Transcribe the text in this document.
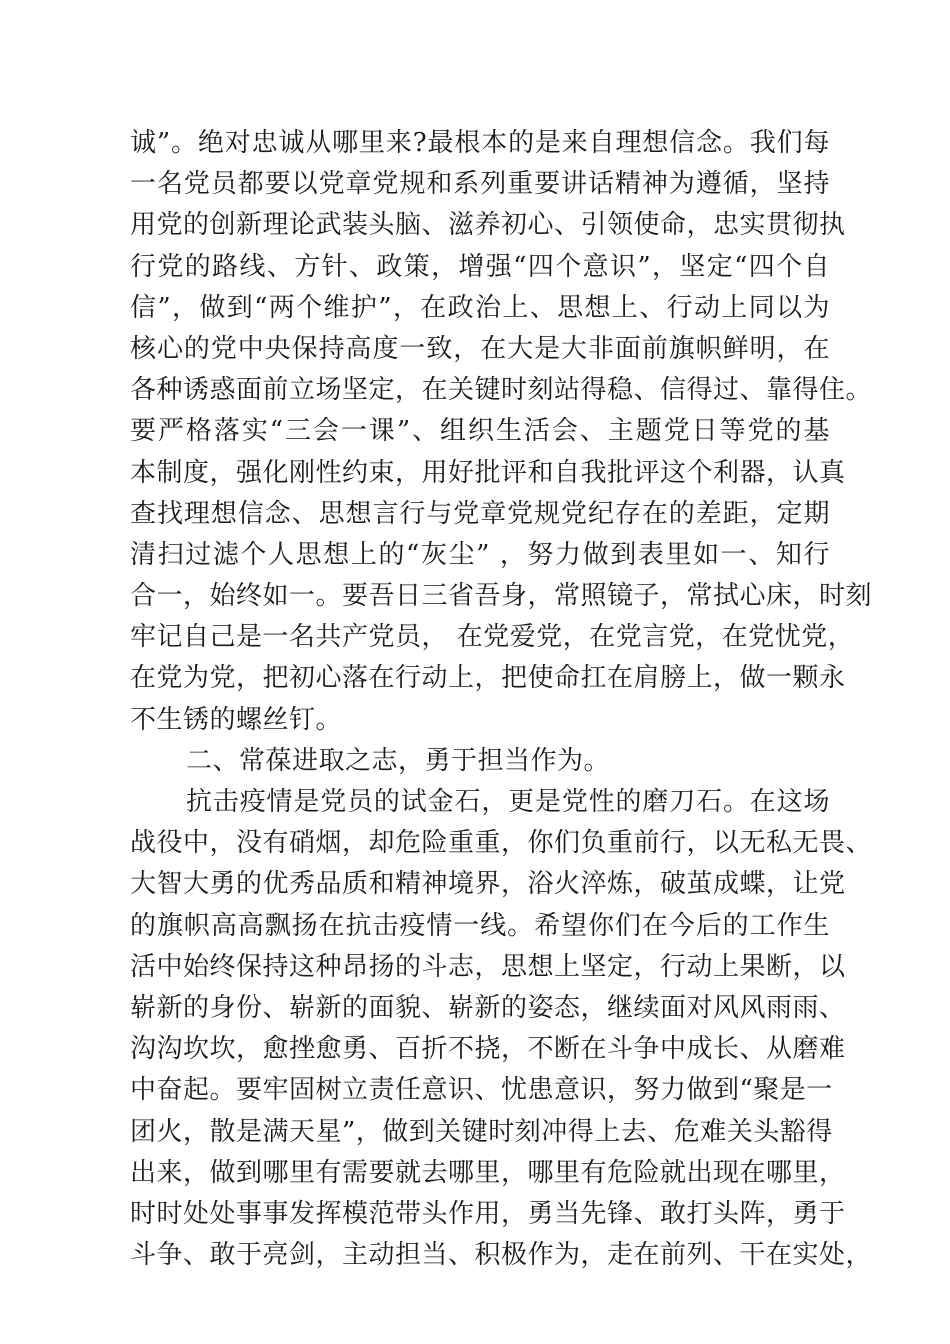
诚”。绝对忠诚从哪里来?最根本的是来自理想信念。我们每
一名党员都要以党章党规和系列重要讲话精神为遵循，坚持
用党的创新理论武装头脑、滋养初心、引领使命，忠实贯彻执
行党的路线、方针、政策，增强“四个意识”，坚定“四个自
信”，做到“两个维护”，在政治上、思想上、行动上同以为
核心的党中央保持高度一致，在大是大非面前旗帜鲜明，在
各种诱惑面前立场坚定，在关键时刻站得稳、信得过、靠得住。
要严格落实“三会一课”、组织生活会、主题党日等党的基
本制度，强化刚性约束，用好批评和自我批评这个利器，认真
查找理想信念、思想言行与党章党规党纪存在的差距，定期
清扫过滤个人思想上的“灰尘” ，努力做到表里如一、知行
合一，始终如一。要吾日三省吾身，常照镜子，常拭心床，时刻
牢记自己是一名共产党员， 在党爱党，在党言党，在党忧党，
在党为党，把初心落在行动上，把使命扛在肩膀上，做一颗永
不生锈的螺丝钉。
二、常葆进取之志，勇于担当作为。
抗击疫情是党员的试金石，更是党性的磨刀石。在这场
战役中，没有硝烟，却危险重重，你们负重前行，以无私无畏、
大智大勇的优秀品质和精神境界，浴火淬炼，破茧成蝶，让党
的旗帜高高飘扬在抗击疫情一线。希望你们在今后的工作生
活中始终保持这种昂扬的斗志，思想上坚定，行动上果断，以
崭新的身份、崭新的面貌、崭新的姿态，继续面对风风雨雨、
沟沟坎坎，愈挫愈勇、百折不挠，不断在斗争中成长、从磨难
中奋起。要牢固树立责任意识、忧患意识，努力做到“聚是一
团火，散是满天星”，做到关键时刻冲得上去、危难关头豁得
出来，做到哪里有需要就去哪里，哪里有危险就出现在哪里，
时时处处事事发挥模范带头作用，勇当先锋、敢打头阵，勇于
斗争、敢于亮剑，主动担当、积极作为，走在前列、干在实处，
